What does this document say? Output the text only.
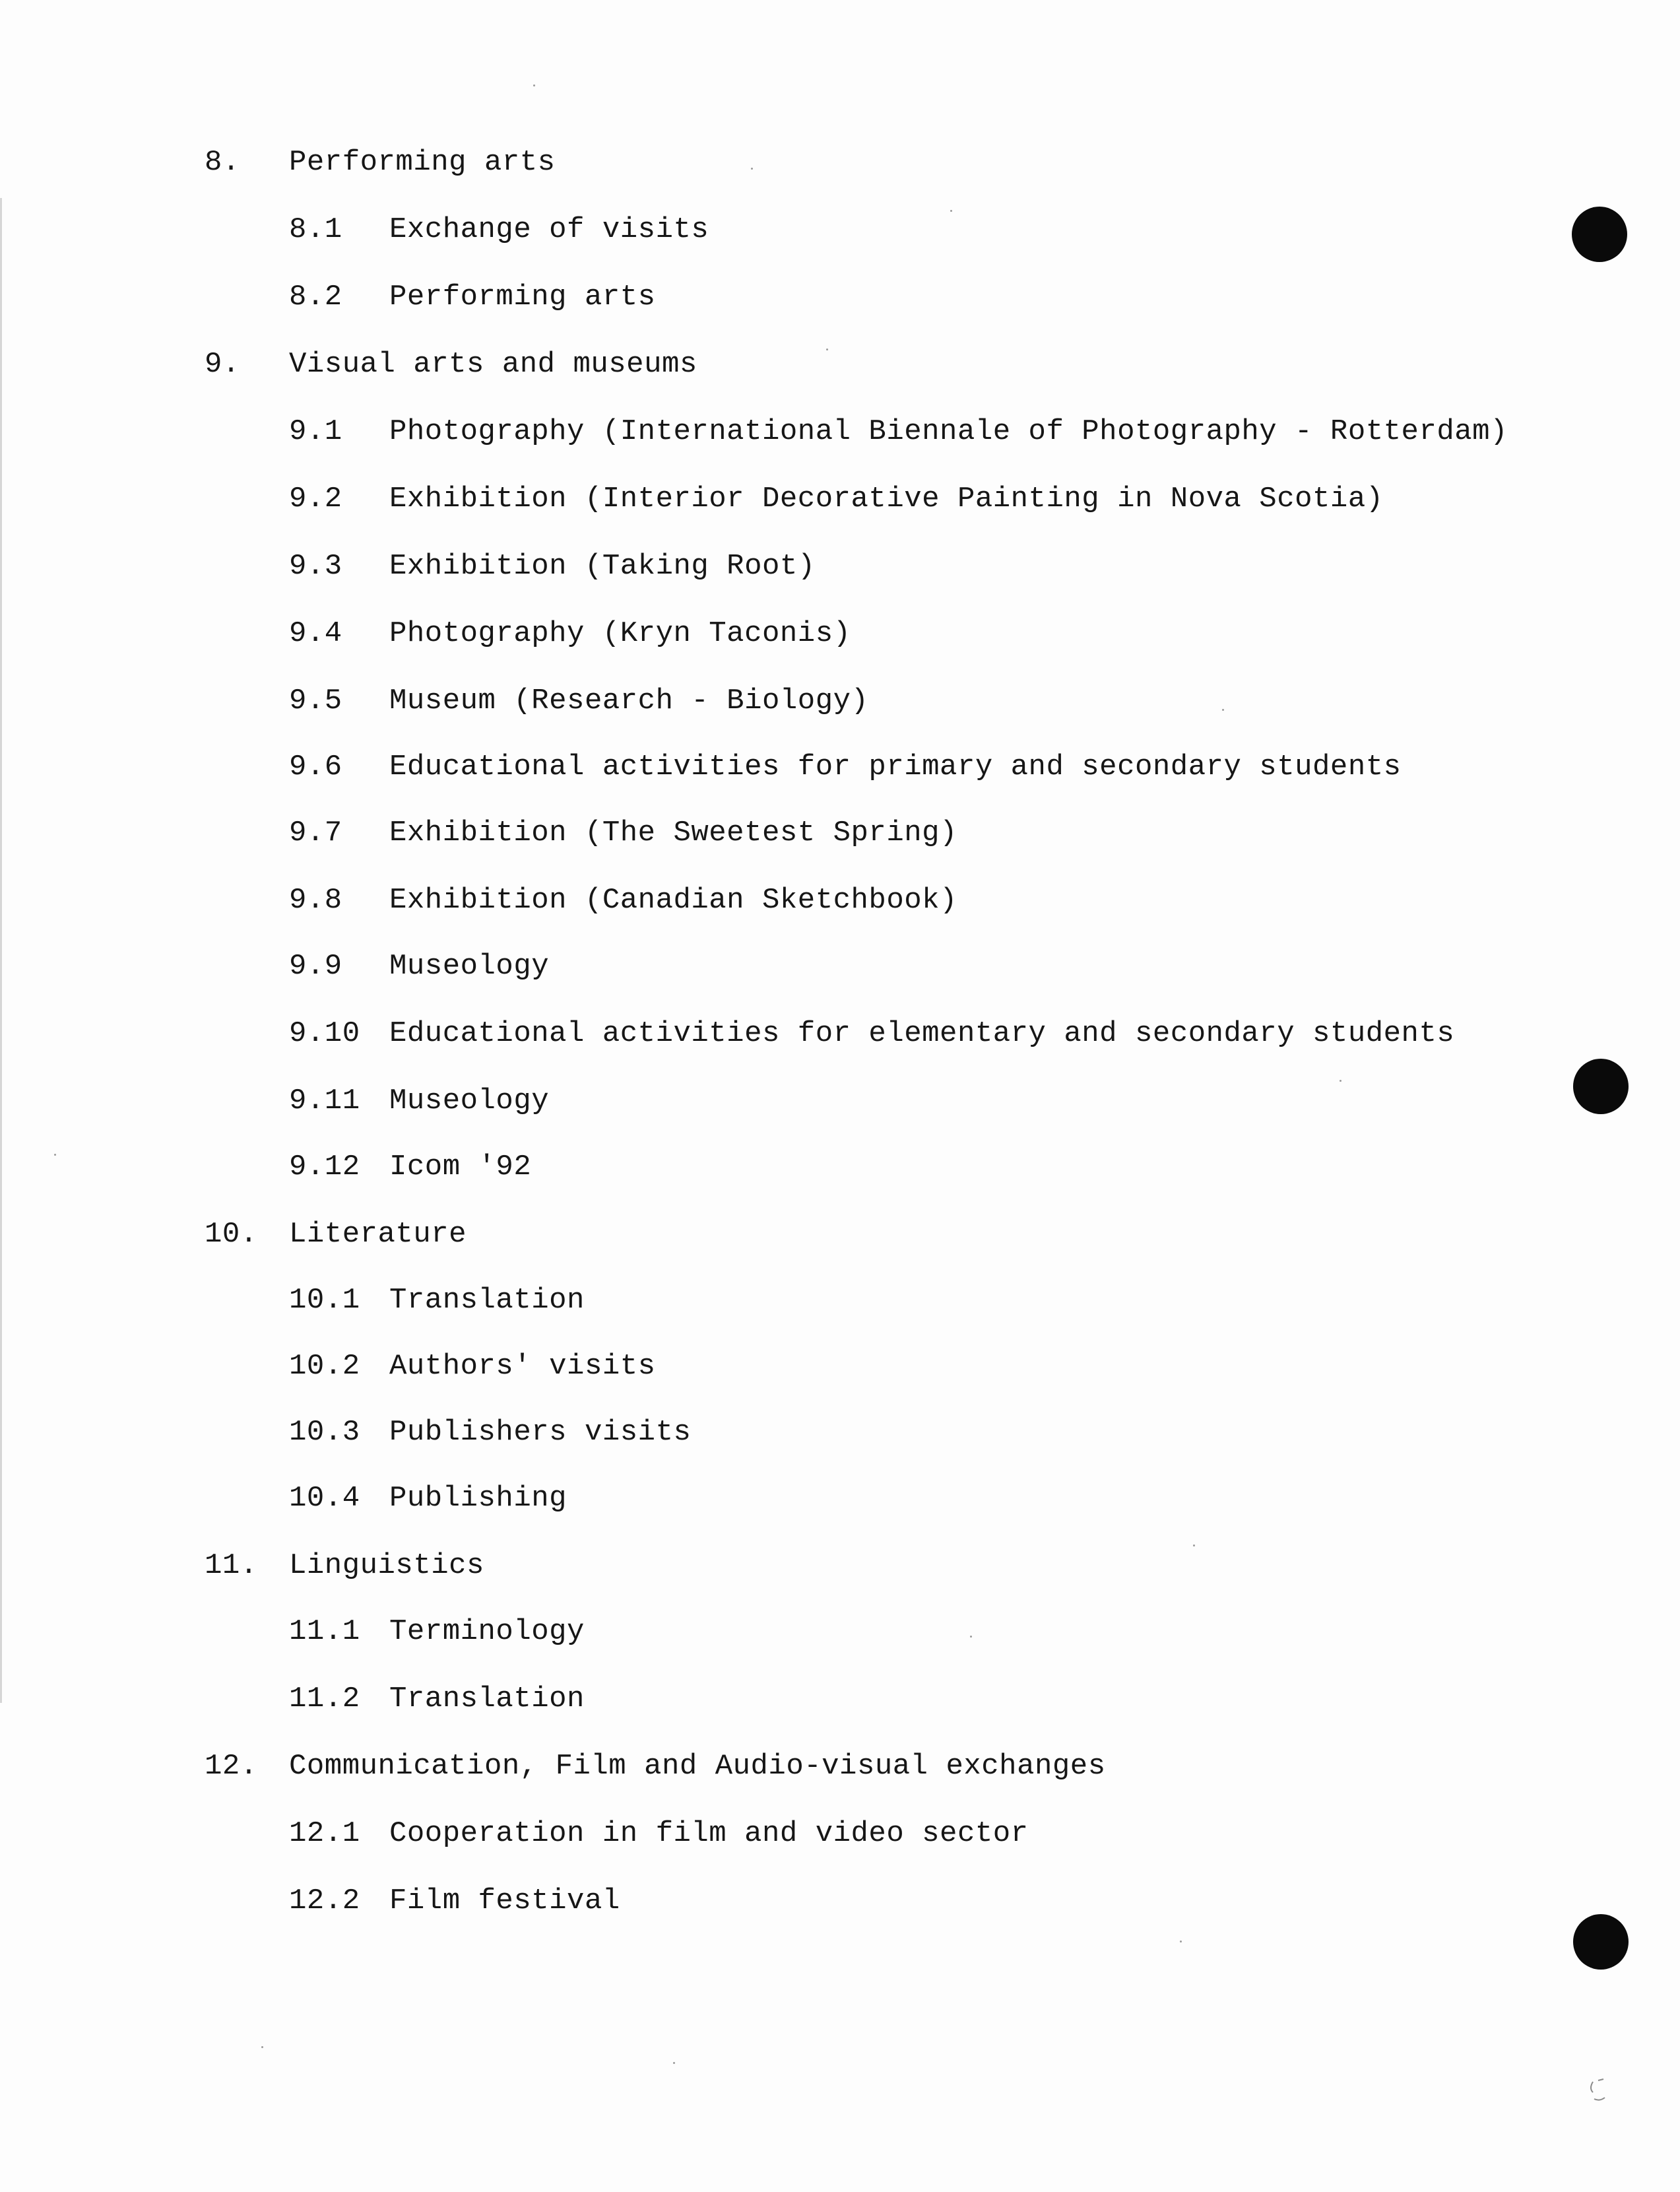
8.

Performing arts

8.1

Exchange of visits

8.2

Performing arts

9.

Visual arts and museums

9.1

Photography (International Biennale of Photography - Rotterdam)

9.2

Exhibition (Interior Decorative Painting in Nova Scotia)

9.3

Exhibition (Taking Root)

9.4

Photography (Kryn Taconis)

9.5

Museum (Research - Biology)

9.6

Educational activities for primary and secondary students

9.7

Exhibition (The Sweetest Spring)

9.8

Exhibition (Canadian Sketchbook)

9.9

Museology

9.10

Educational activities for elementary and secondary students

9.11

Museology

9.12

Icom '92

10.

Literature

10.1

Translation

10.2

Authors' visits

10.3

Publishers visits

10.4

Publishing

11.

Linguistics

11.1

Terminology

11.2

Translation

12.

Communication, Film and Audio-visual exchanges

12.1

Cooperation in film and video sector

12.2

Film festival
